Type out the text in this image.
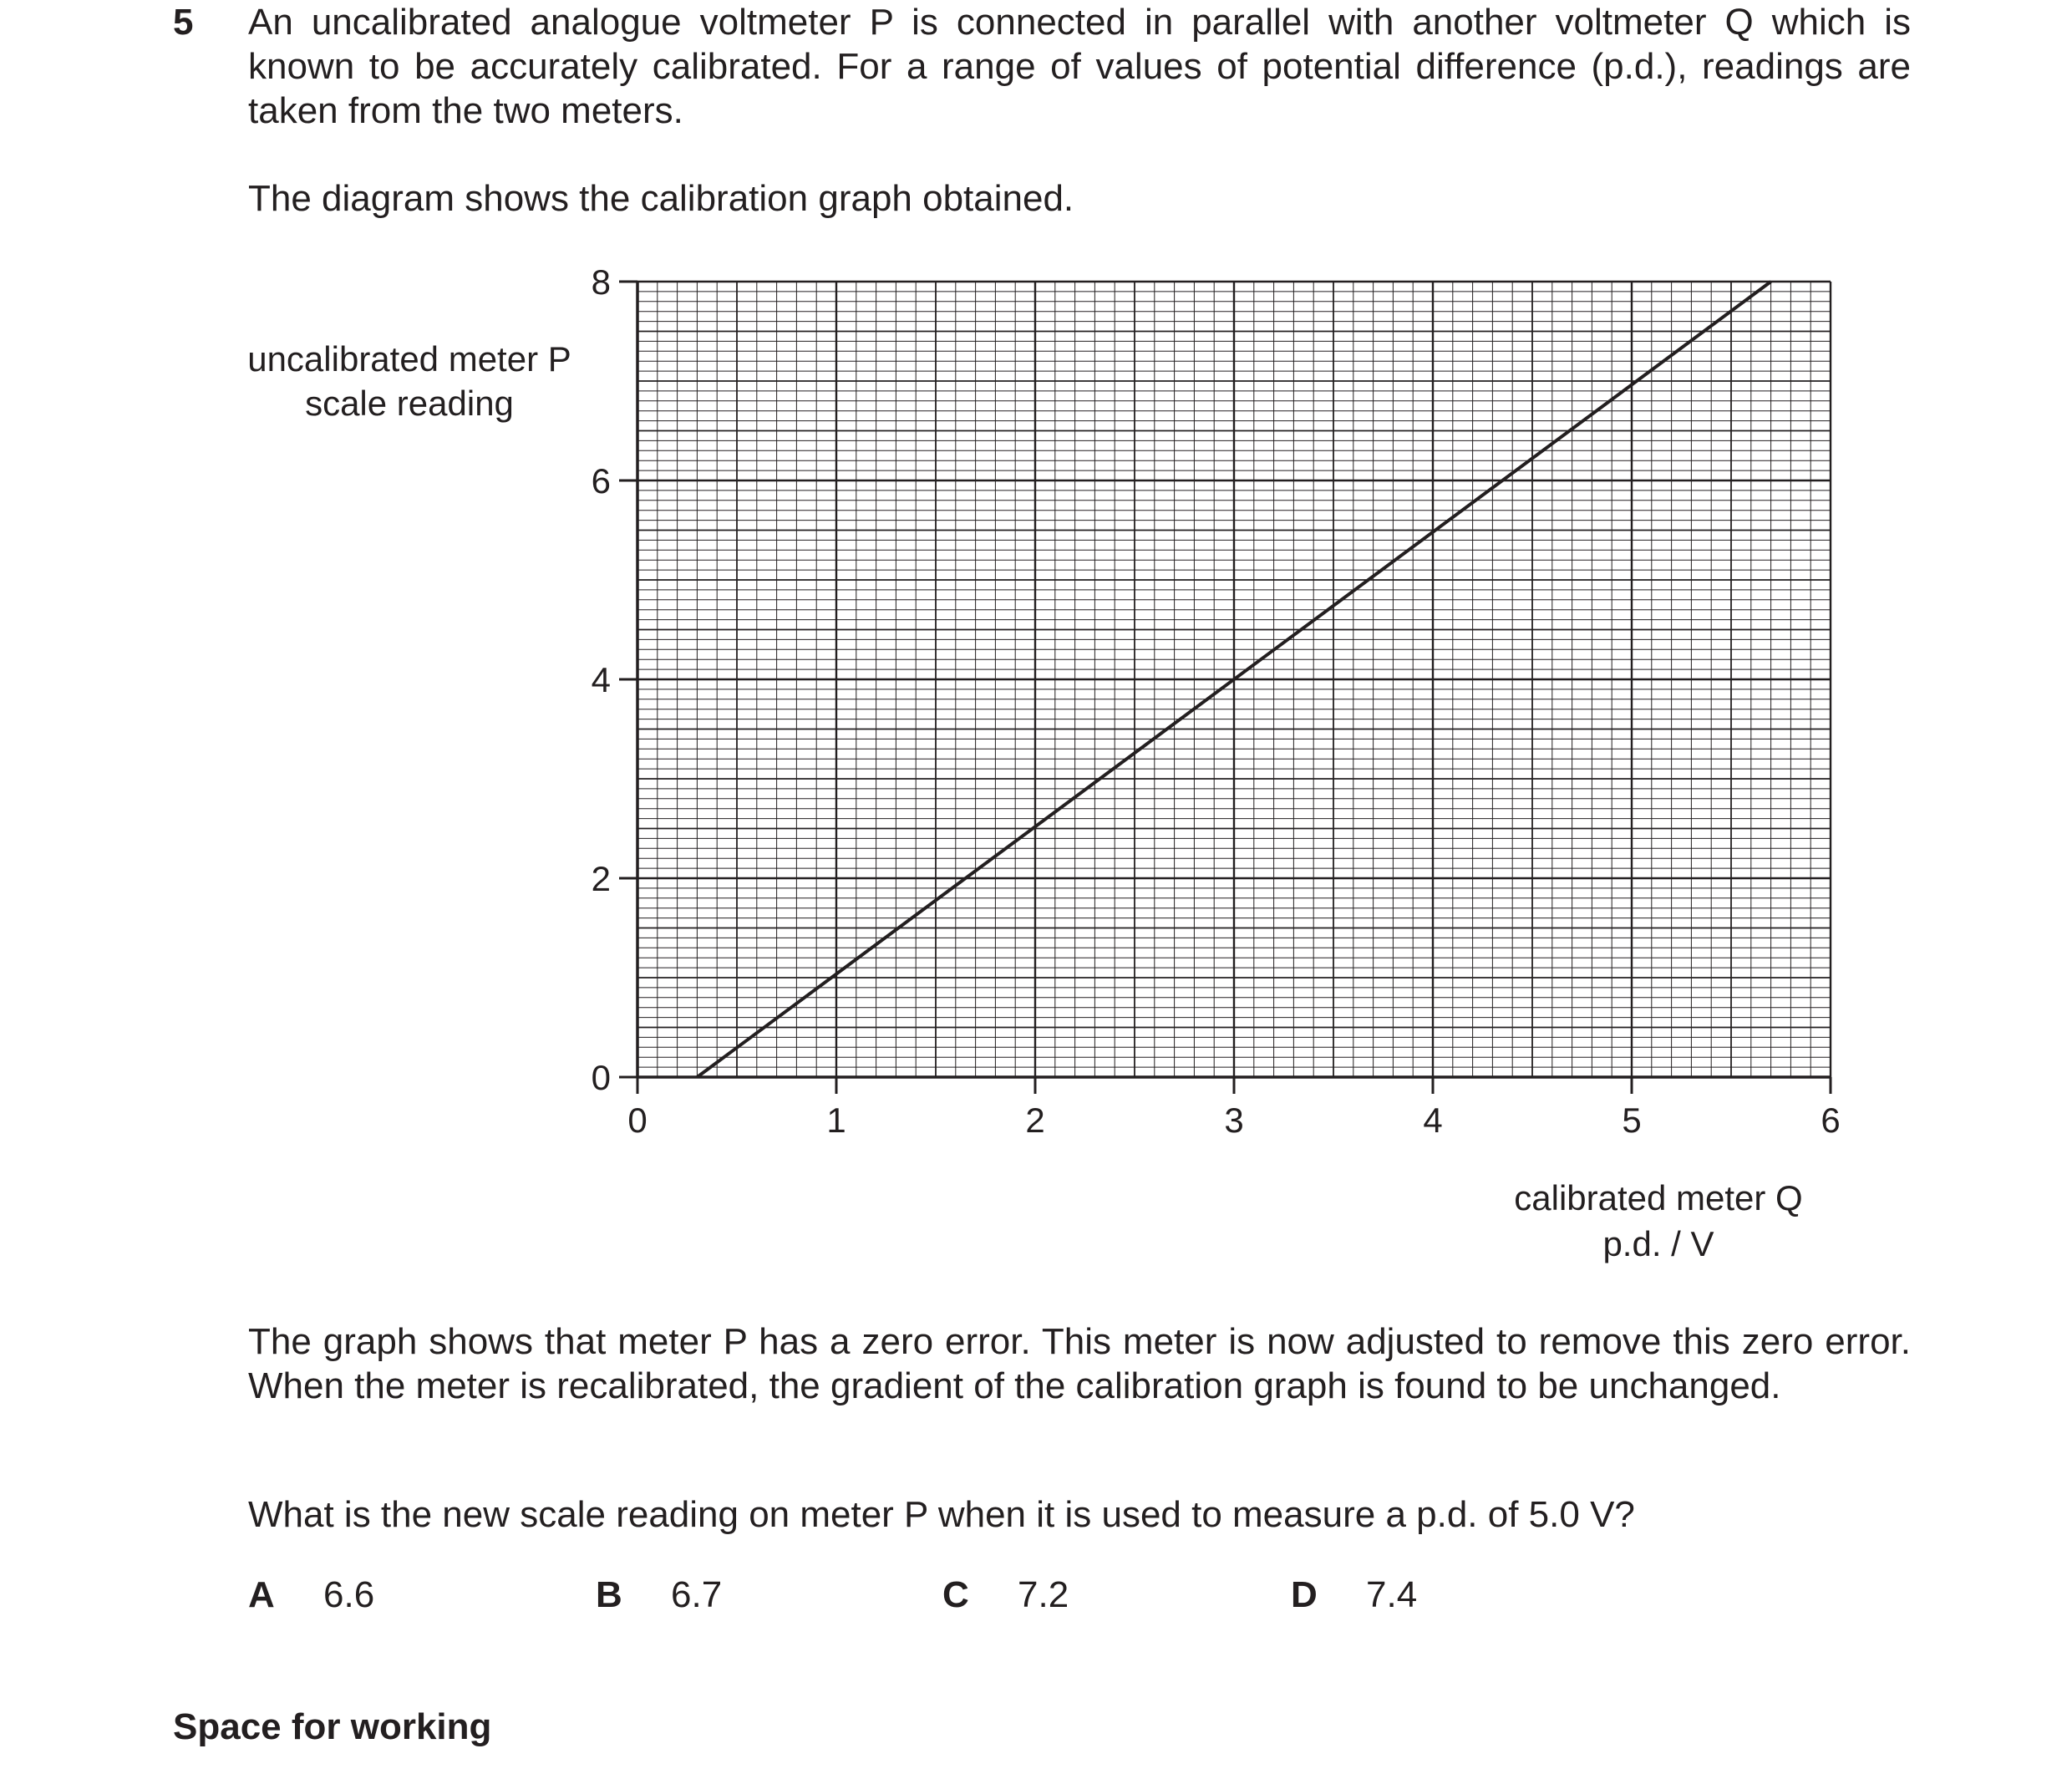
5 An uncalibrated analogue voltmeter P is connected in parallel with another voltmeter Q which is known to be accurately calibrated. For a range of values of potential difference (p.d.), readings are taken from the two meters.

The diagram shows the calibration graph obtained.

0	1	2	3	4	5	6
0
2
4
6
8
uncalibrated meter P
scale reading
calibrated meter Q
p.d. / V

The graph shows that meter P has a zero error. This meter is now adjusted to remove this zero error. When the meter is recalibrated, the gradient of the calibration graph is found to be unchanged.

What is the new scale reading on meter P when it is used to measure a p.d. of 5.0 V?

A 6.6	B 6.7	C 7.2	D 7.4
Space for working
